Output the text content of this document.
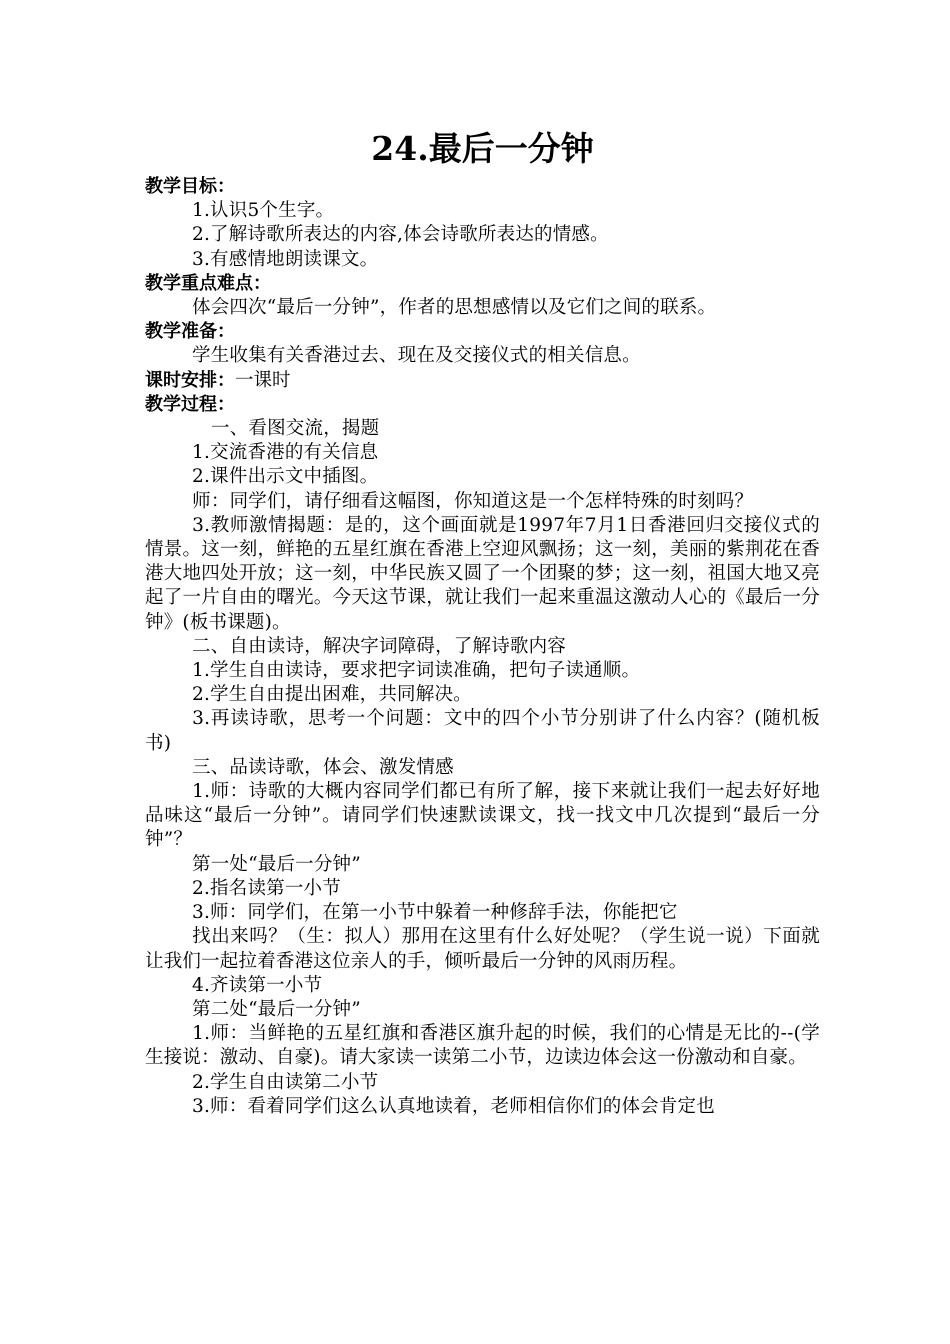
24.最后一分钟
教学目标：
1.认识5个生字。
2.了解诗歌所表达的内容,体会诗歌所表达的情感。
3.有感情地朗读课文。
教学重点难点：
体会四次“最后一分钟”，作者的思想感情以及它们之间的联系。
教学准备：
学生收集有关香港过去、现在及交接仪式的相关信息。
课时安排：一课时
教学过程：
一、看图交流，揭题
1.交流香港的有关信息
2.课件出示文中插图。

师：同学们，请仔细看这幅图，你知道这是一个怎样特殊的时刻吗？

3.教师激情揭题：是的，这个画面就是1997年7月1日香港回归交接仪式的情景。这一刻，鲜艳的五星红旗在香港上空迎风飘扬；这一刻，美丽的紫荆花在香港大地四处开放；这一刻，中华民族又圆了一个团聚的梦；这一刻，祖国大地又亮起了一片自由的曙光。今天这节课，就让我们一起来重温这激动人心的《最后一分钟》(板书课题)。

二、自由读诗，解决字词障碍，了解诗歌内容
1.学生自由读诗，要求把字词读准确，把句子读通顺。
2.学生自由提出困难，共同解决。

3.再读诗歌，思考一个问题：文中的四个小节分别讲了什么内容？(随机板书)

三、品读诗歌，体会、激发情感

1.师：诗歌的大概内容同学们都已有所了解，接下来就让我们一起去好好地品味这“最后一分钟”。请同学们快速默读课文，找一找文中几次提到“最后一分钟”？

第一处“最后一分钟”
2.指名读第一小节
3.师：同学们，在第一小节中躲着一种修辞手法，你能把它

找出来吗？（生：拟人）那用在这里有什么好处呢？（学生说一说）下面就让我们一起拉着香港这位亲人的手，倾听最后一分钟的风雨历程。

4.齐读第一小节
第二处“最后一分钟”

1.师：当鲜艳的五星红旗和香港区旗升起的时候，我们的心情是无比的--(学生接说：激动、自豪)。请大家读一读第二小节，边读边体会这一份激动和自豪。

2.学生自由读第二小节
3.师：看着同学们这么认真地读着，老师相信你们的体会肯定也
